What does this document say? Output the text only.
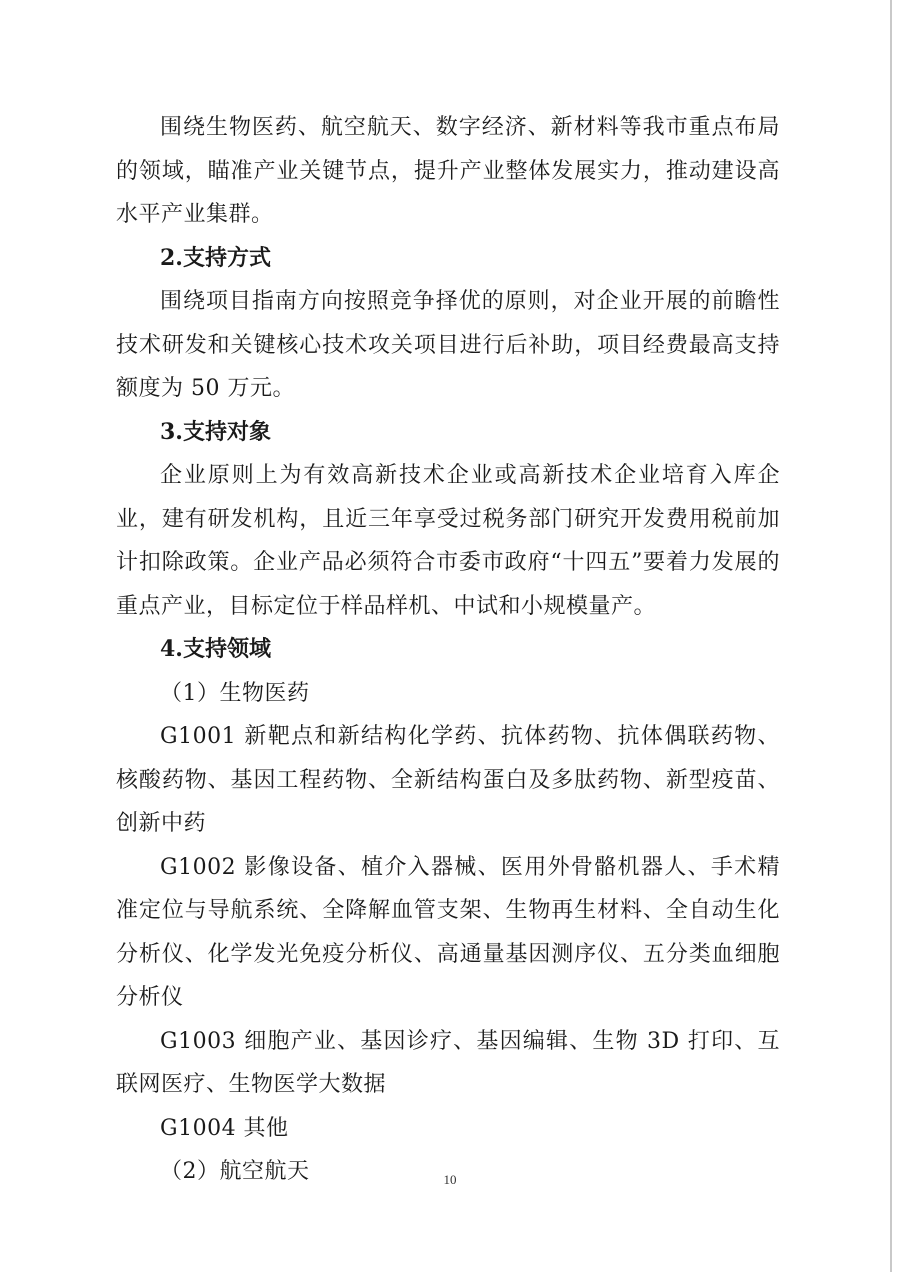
围绕生物医药、航空航天、数字经济、新材料等我市重点布局的领域，瞄准产业关键节点，提升产业整体发展实力，推动建设高水平产业集群。

2.支持方式

围绕项目指南方向按照竞争择优的原则，对企业开展的前瞻性技术研发和关键核心技术攻关项目进行后补助，项目经费最高支持额度为 50 万元。

3.支持对象

企业原则上为有效高新技术企业或高新技术企业培育入库企业，建有研发机构，且近三年享受过税务部门研究开发费用税前加计扣除政策。企业产品必须符合市委市政府“十四五”要着力发展的重点产业，目标定位于样品样机、中试和小规模量产。

4.支持领域

（1）生物医药

G1001 新靶点和新结构化学药、抗体药物、抗体偶联药物、核酸药物、基因工程药物、全新结构蛋白及多肽药物、新型疫苗、创新中药

G1002 影像设备、植介入器械、医用外骨骼机器人、手术精准定位与导航系统、全降解血管支架、生物再生材料、全自动生化分析仪、化学发光免疫分析仪、高通量基因测序仪、五分类血细胞分析仪

G1003 细胞产业、基因诊疗、基因编辑、生物 3D 打印、互联网医疗、生物医学大数据

G1004 其他

（2）航空航天	10
